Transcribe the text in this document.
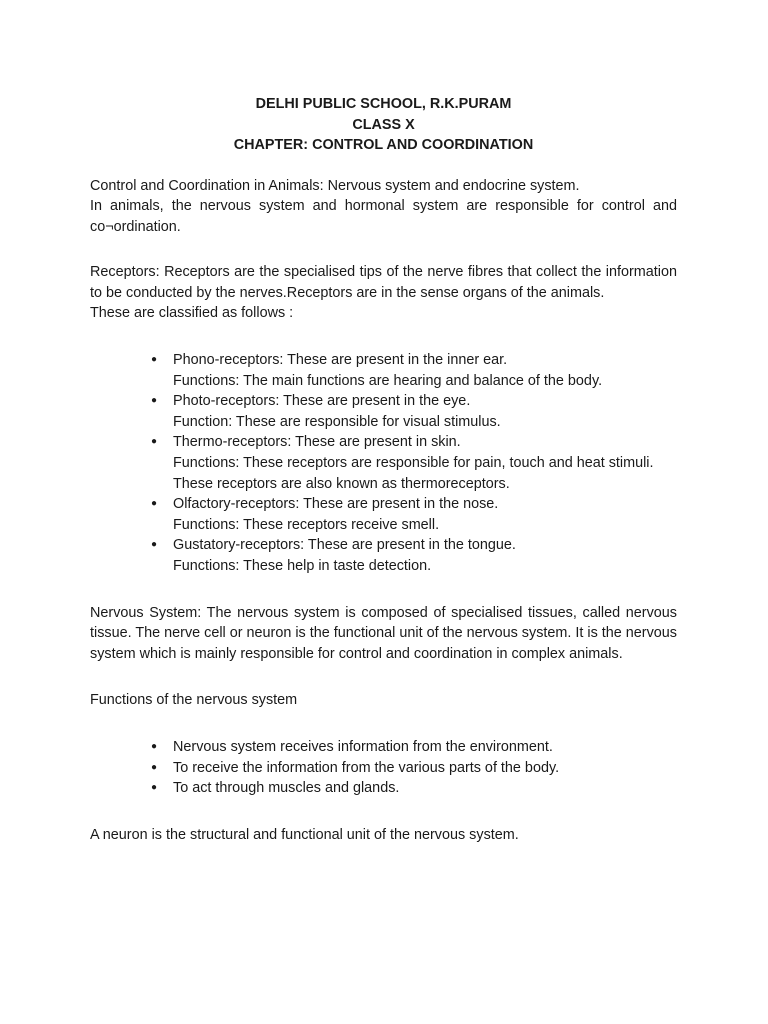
DELHI PUBLIC SCHOOL, R.K.PURAM
CLASS X
CHAPTER: CONTROL AND COORDINATION
Control and Coordination in Animals: Nervous system and endocrine system.

In animals, the nervous system and hormonal system are responsible for control and co¬ordination.

Receptors: Receptors are the specialised tips of the nerve fibres that collect the information to be conducted by the nerves.Receptors are in the sense organs of the animals.

These are classified as follows :
●
Phono-receptors: These are present in the inner ear.
Functions: The main functions are hearing and balance of the body.
●
Photo-receptors: These are present in the eye.
Function: These are responsible for visual stimulus.
●
Thermo-receptors: These are present in skin.
Functions: These receptors are responsible for pain, touch and heat stimuli.
These receptors are also known as thermoreceptors.
●
Olfactory-receptors: These are present in the nose.
Functions: These receptors receive smell.
●
Gustatory-receptors: These are present in the tongue.
Functions: These help in taste detection.

Nervous System: The nervous system is composed of specialised tissues, called nervous tissue. The nerve cell or neuron is the functional unit of the nervous system. It is the nervous system which is mainly responsible for control and coordination in complex animals.

Functions of the nervous system
●
Nervous system receives information from the environment.
●
To receive the information from the various parts of the body.
●
To act through muscles and glands.
A neuron is the structural and functional unit of the nervous system.
